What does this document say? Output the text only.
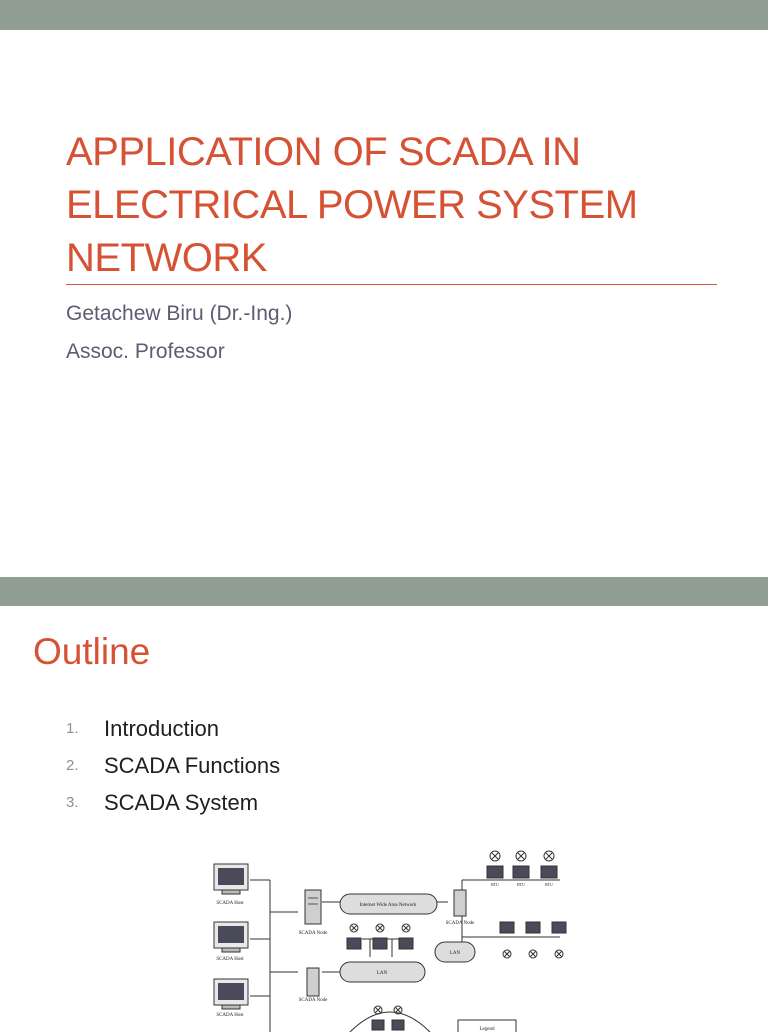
APPLICATION OF SCADA IN ELECTRICAL POWER SYSTEM NETWORK

Getachew Biru (Dr.-Ing.)

Assoc. Professor

Outline
1. Introduction
2. SCADA Functions
3. SCADA System
SCADA Host
SCADA Host
SCADA Host
SCADA Node
SCADA Node
SCADA Node
Internet Wide Area Network
LAN
LAN
RTU	RTU	RTU
Legend
